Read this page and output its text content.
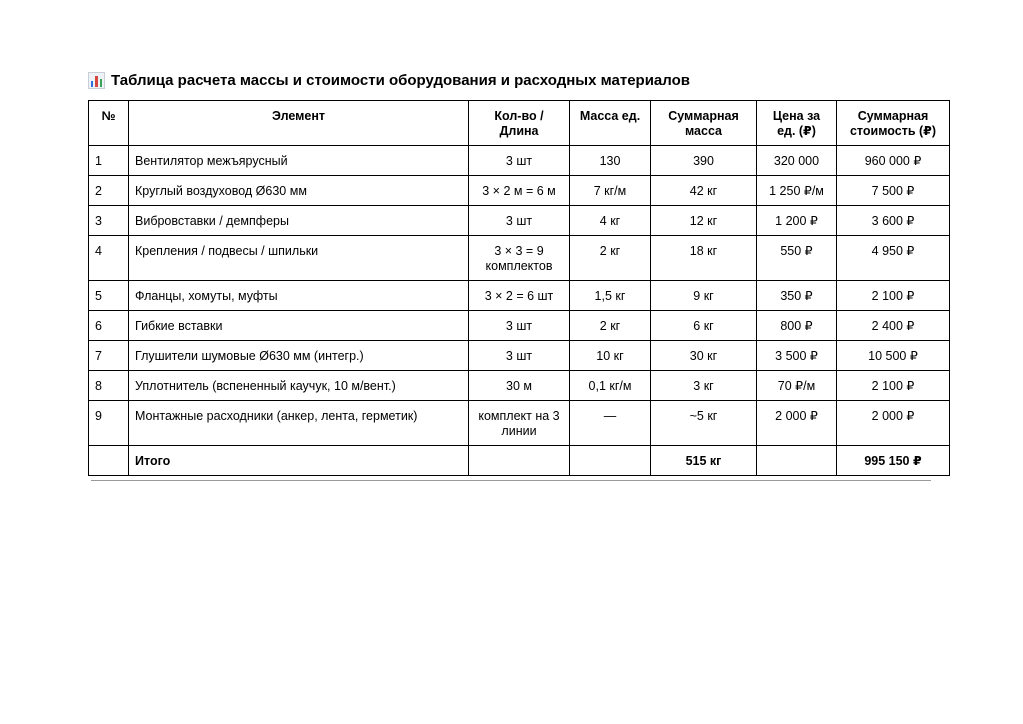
Таблица расчета массы и стоимости оборудования и расходных материалов
№	Элемент	Кол-во / Длина	Масса ед.	Суммарная масса	Цена за ед. (₽)	Суммарная стоимость (₽)
1	Вентилятор межъярусный	3 шт	130	390	320 000	960 000 ₽
2	Круглый воздуховод Ø630 мм	3 × 2 м = 6 м	7 кг/м	42 кг	1 250 ₽/м	7 500 ₽
3	Вибровставки / демпферы	3 шт	4 кг	12 кг	1 200 ₽	3 600 ₽
4	Крепления / подвесы / шпильки	3 × 3 = 9 комплектов	2 кг	18 кг	550 ₽	4 950 ₽
5	Фланцы, хомуты, муфты	3 × 2 = 6 шт	1,5 кг	9 кг	350 ₽	2 100 ₽
6	Гибкие вставки	3 шт	2 кг	6 кг	800 ₽	2 400 ₽
7	Глушители шумовые Ø630 мм (интегр.)	3 шт	10 кг	30 кг	3 500 ₽	10 500 ₽
8	Уплотнитель (вспененный каучук, 10 м/вент.)	30 м	0,1 кг/м	3 кг	70 ₽/м	2 100 ₽
9	Монтажные расходники (анкер, лента, герметик)	комплект на 3 линии	—	~5 кг	2 000 ₽	2 000 ₽
	Итого			515 кг		995 150 ₽
